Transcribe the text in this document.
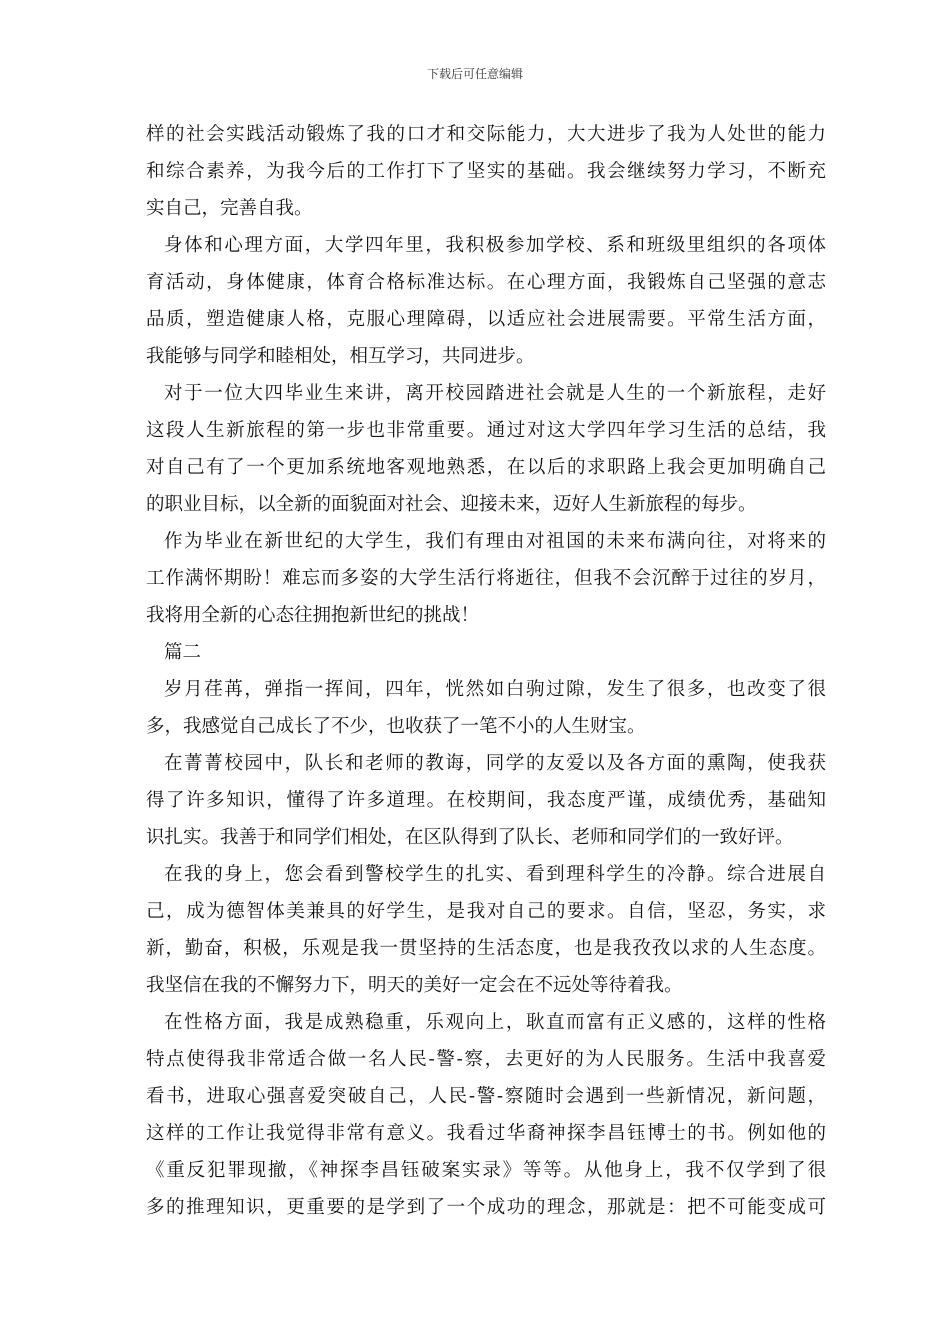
下载后可任意编辑
样的社会实践活动锻炼了我的口才和交际能力，大大进步了我为人处世的能力
和综合素养，为我今后的工作打下了坚实的基础。我会继续努力学习，不断充
实自己，完善自我。
身体和心理方面，大学四年里，我积极参加学校、系和班级里组织的各项体
育活动，身体健康，体育合格标准达标。在心理方面，我锻炼自己坚强的意志
品质，塑造健康人格，克服心理障碍，以适应社会进展需要。平常生活方面，
我能够与同学和睦相处，相互学习，共同进步。
对于一位大四毕业生来讲，离开校园踏进社会就是人生的一个新旅程，走好
这段人生新旅程的第一步也非常重要。通过对这大学四年学习生活的总结，我
对自己有了一个更加系统地客观地熟悉，在以后的求职路上我会更加明确自己
的职业目标，以全新的面貌面对社会、迎接未来，迈好人生新旅程的每步。
作为毕业在新世纪的大学生，我们有理由对祖国的未来布满向往，对将来的
工作满怀期盼！难忘而多姿的大学生活行将逝往，但我不会沉醉于过往的岁月，
我将用全新的心态往拥抱新世纪的挑战！
篇二
岁月荏苒，弹指一挥间，四年，恍然如白驹过隙，发生了很多，也改变了很
多，我感觉自己成长了不少，也收获了一笔不小的人生财宝。
在菁菁校园中，队长和老师的教诲，同学的友爱以及各方面的熏陶，使我获
得了许多知识，懂得了许多道理。在校期间，我态度严谨，成绩优秀，基础知
识扎实。我善于和同学们相处，在区队得到了队长、老师和同学们的一致好评。
在我的身上，您会看到警校学生的扎实、看到理科学生的冷静。综合进展自
己，成为德智体美兼具的好学生，是我对自己的要求。自信，坚忍，务实，求
新，勤奋，积极，乐观是我一贯坚持的生活态度，也是我孜孜以求的人生态度。
我坚信在我的不懈努力下，明天的美好一定会在不远处等待着我。
在性格方面，我是成熟稳重，乐观向上，耿直而富有正义感的，这样的性格
特点使得我非常适合做一名人民-警-察，去更好的为人民服务。生活中我喜爱
看书，进取心强喜爱突破自己，人民-警-察随时会遇到一些新情况，新问题，
这样的工作让我觉得非常有意义。我看过华裔神探李昌钰博士的书。例如他的
《重反犯罪现撤，《神探李昌钰破案实录》等等。从他身上，我不仅学到了很
多的推理知识，更重要的是学到了一个成功的理念，那就是：把不可能变成可
